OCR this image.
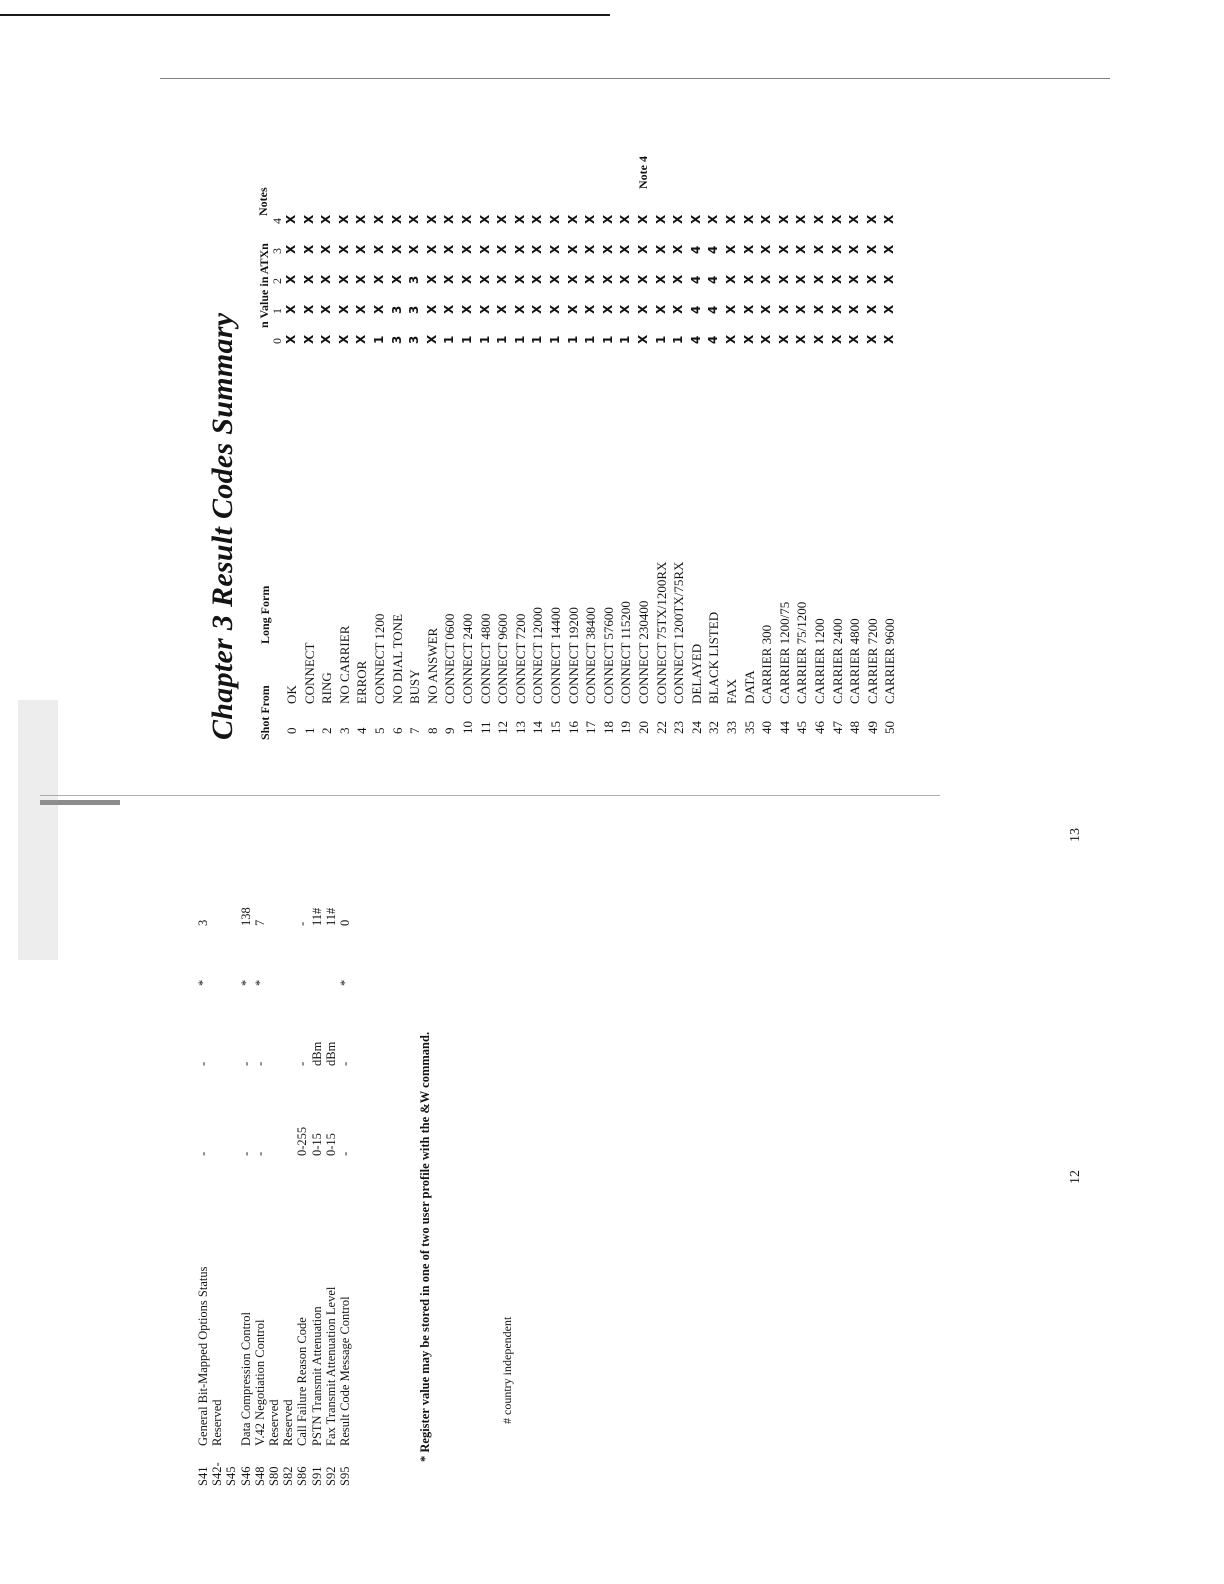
S41
General Bit-Mapped Options Status
-
-
*
3
S42-
Reserved
S45 S46
Data Compression Control
-
-
*
138
S48
V.42 Negotiation Control
-
-
*
7
S80
Reserved
S82
Reserved
S86
Call Failure Reason Code
0-255
-
-
S91
PSTN Transmit Attenuation
0-15
dBm
11#
S92
Fax Transmit Attenuation Level
0-15
dBm
11#
S95
Result Code Message Control
-
-
*
0
* Register value may be stored in one of two user profile with the &W command.	# country independent
12
Chapter 3 Result Codes Summary Shot From
Long Form
n Value in ATXn
Notes
0
1
2
3
4
0
OK
X
X
X
X
X
1
CONNECT
X
X
X
X
X
2
RING
X
X
X
X
X
3
NO CARRIER
X
X
X
X
X
4
ERROR
X
X
X
X
X
5
CONNECT 1200
1
X
X
X
X
6
NO DIAL TONE
3
3
X
X
X
7
BUSY
3
3
3
X
X
8
NO ANSWER
X
X
X
X
X
9
CONNECT 0600
1
X
X
X
X
10
CONNECT 2400
1
X
X
X
X
11
CONNECT 4800
1
X
X
X
X
12
CONNECT 9600
1
X
X
X
X
13
CONNECT 7200
1
X
X
X
X
14
CONNECT 12000
1
X
X
X
X
15
CONNECT 14400
1
X
X
X
X
16
CONNECT 19200
1
X
X
X
X
17
CONNECT 38400
1
X
X
X
X
18
CONNECT 57600
1
X
X
X
X
19
CONNECT 115200
1
X
X
X
X
20
CONNECT 230400
X
X
X
X
X
Note 4
22
CONNECT 75TX/1200RX
1
X
X
X
X
23
CONNECT 1200TX/75RX
1
X
X
X
X
24
DELAYED
4
4
4
4
X
32
BLACK LISTED
4
4
4
4
X
33
FAX
X
X
X
X
X
35
DATA
X
X
X
X
X
40
CARRIER 300
X
X
X
X
X
44
CARRIER 1200/75
X
X
X
X
X
45
CARRIER 75/1200
X
X
X
X
X
46
CARRIER 1200
X
X
X
X
X
47
CARRIER 2400
X
X
X
X
X
48
CARRIER 4800
X
X
X
X
X
49
CARRIER 7200
X
X
X
X
X
50
CARRIER 9600
X
X
X
X
X
13
